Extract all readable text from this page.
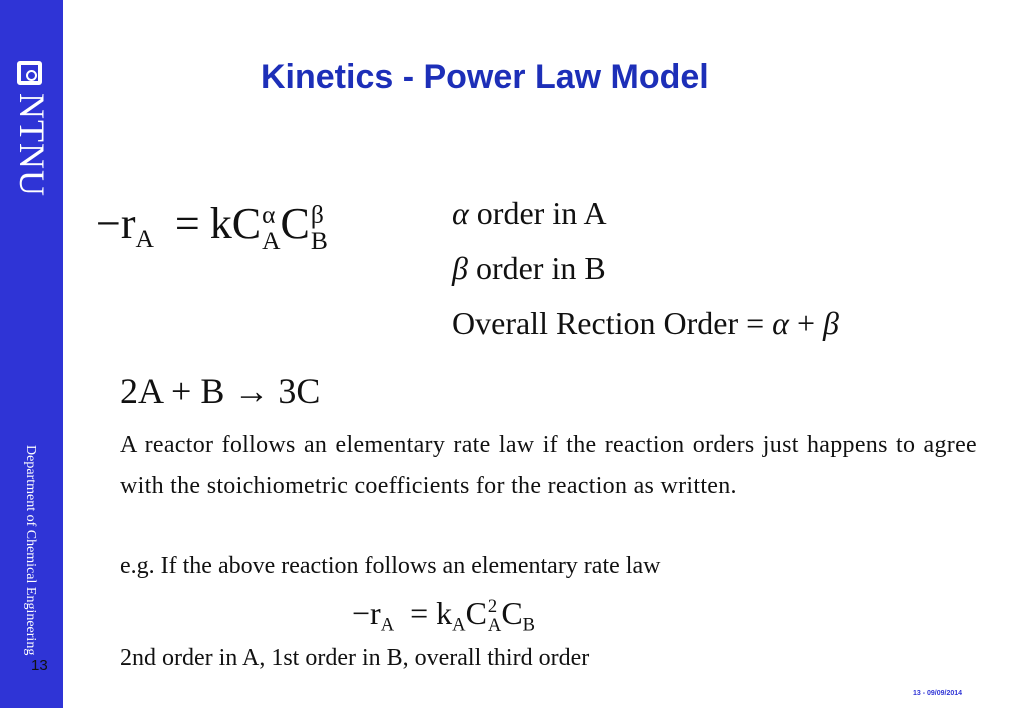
NTNU
Department of Chemical Engineering
13
Kinetics - Power Law Model
$-r_A$ = kC α
A C β
B
α order in A
β order in B
Overall Rection Order = α + β
2A + B → 3C
A reactor follows an elementary rate law if the reaction orders just happens to agree with the stoichiometric coefficients for the reaction as written.
e.g. If the above reaction follows an elementary rate law
$-r_A = k_AC$ 2
A $C_B$
2nd order in A, 1st order in B, overall third order
13 - 09/09/2014
